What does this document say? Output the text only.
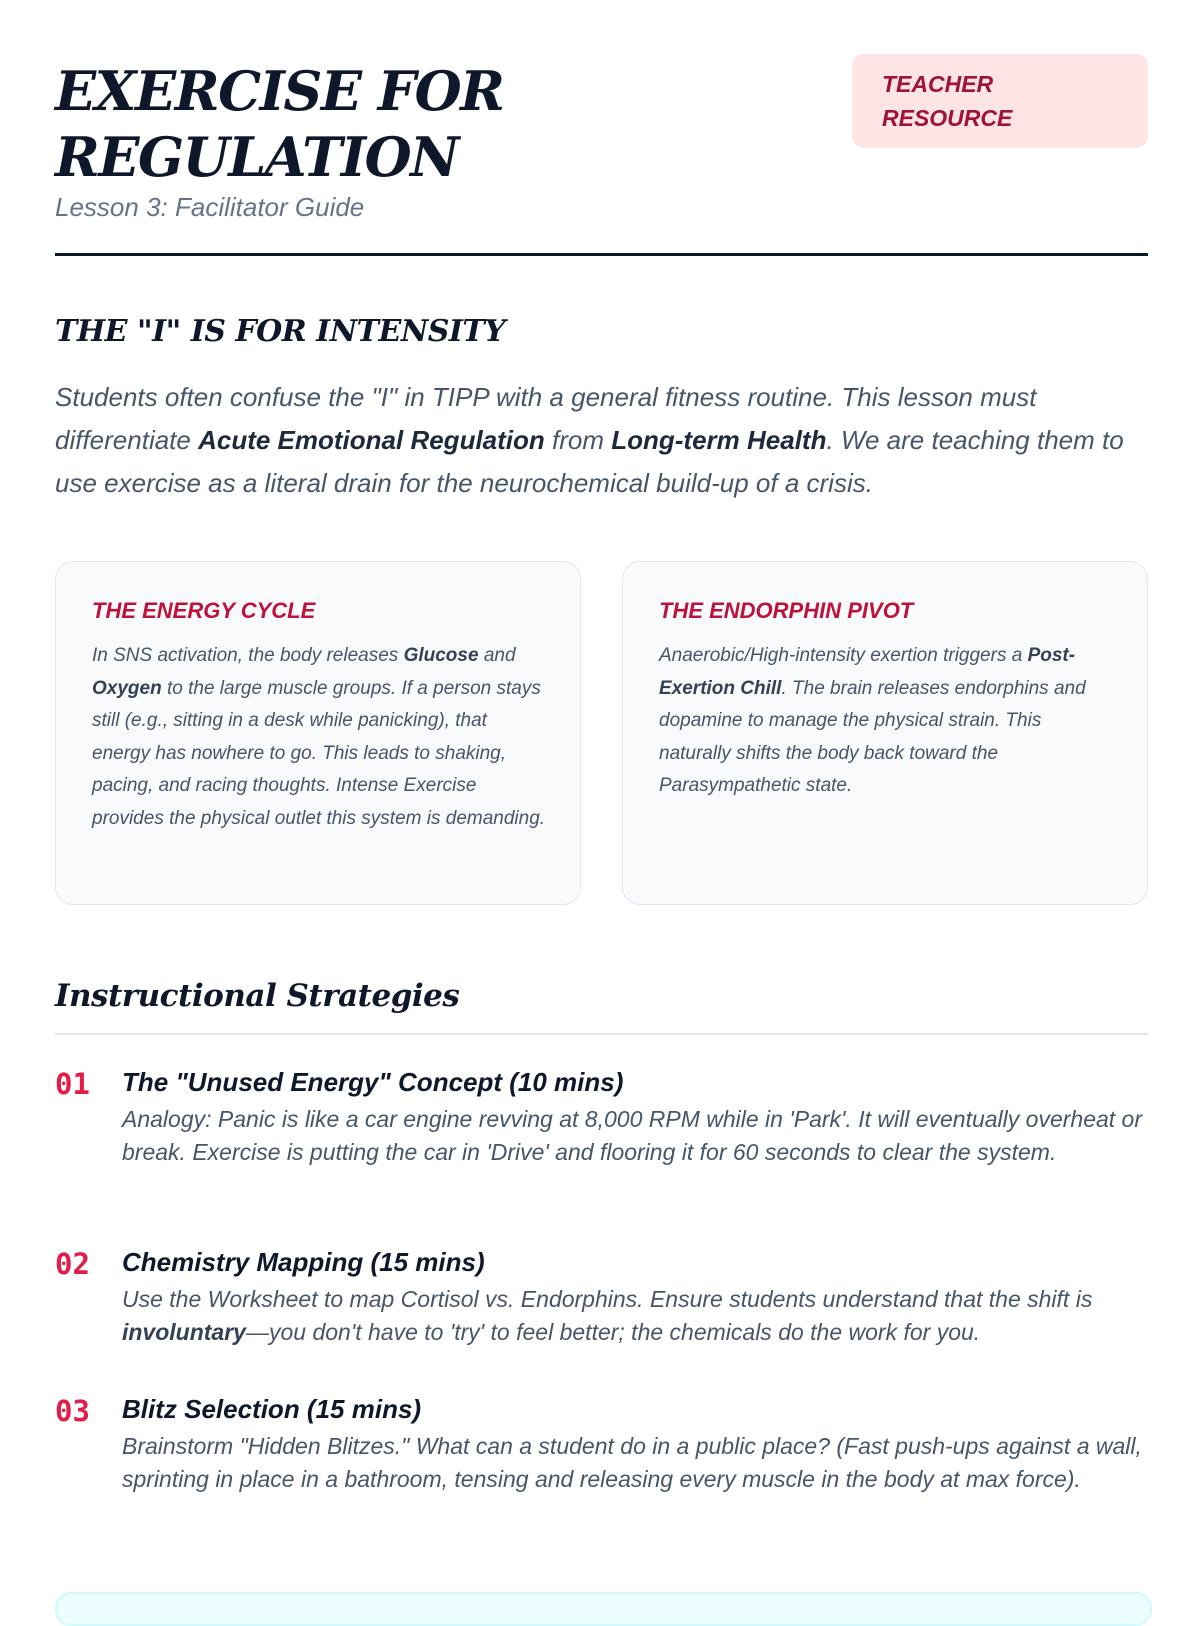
EXERCISE FOR
REGULATION
Lesson 3: Facilitator Guide
TEACHER
RESOURCE
THE "I" IS FOR INTENSITY

Students often confuse the "I" in TIPP with a general fitness routine. This lesson must differentiate Acute Emotional Regulation from Long-term Health. We are teaching them to use exercise as a literal drain for the neurochemical build-up of a crisis.

THE ENERGY CYCLE

In SNS activation, the body releases Glucose and Oxygen to the large muscle groups. If a person stays still (e.g., sitting in a desk while panicking), that energy has nowhere to go. This leads to shaking, pacing, and racing thoughts. Intense Exercise provides the physical outlet this system is demanding.

THE ENDORPHIN PIVOT

Anaerobic/High-intensity exertion triggers a Post-Exertion Chill. The brain releases endorphins and dopamine to manage the physical strain. This naturally shifts the body back toward the Parasympathetic state.

Instructional Strategies
01 The "Unused Energy" Concept (10 mins)

Analogy: Panic is like a car engine revving at 8,000 RPM while in 'Park'. It will eventually overheat or break. Exercise is putting the car in 'Drive' and flooring it for 60 seconds to clear the system.

02 Chemistry Mapping (15 mins)

Use the Worksheet to map Cortisol vs. Endorphins. Ensure students understand that the shift is involuntary—you don't have to 'try' to feel better; the chemicals do the work for you.

03 Blitz Selection (15 mins)

Brainstorm "Hidden Blitzes." What can a student do in a public place? (Fast push-ups against a wall, sprinting in place in a bathroom, tensing and releasing every muscle in the body at max force).
